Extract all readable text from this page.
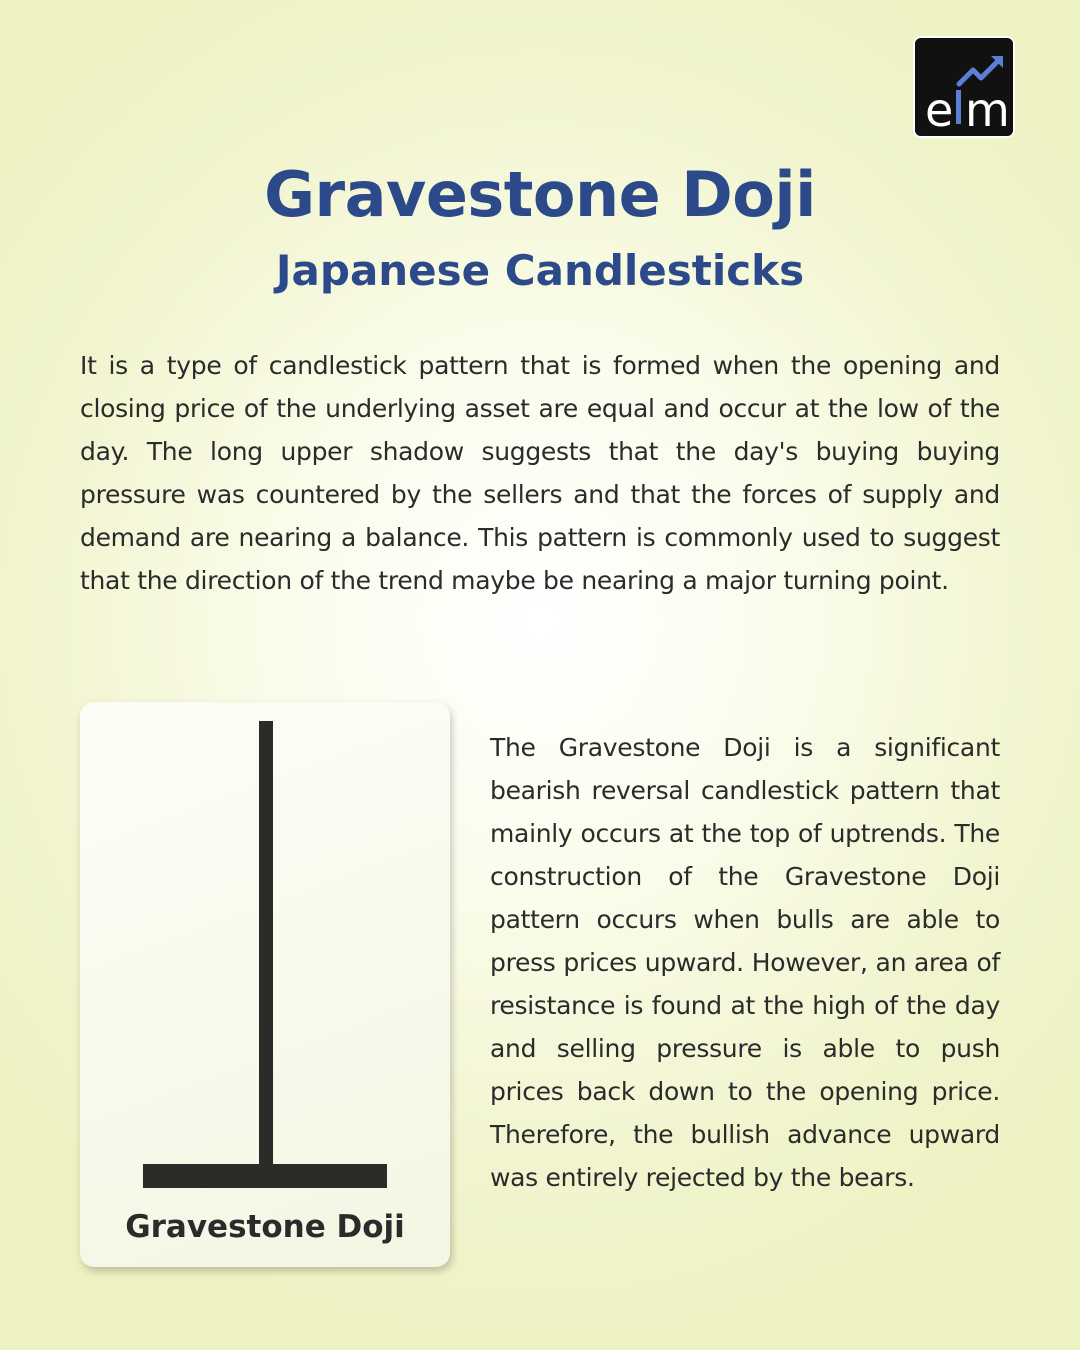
e m
Gravestone Doji
Japanese Candlesticks

It is a type of candlestick pattern that is formed when the opening and closing price of the underlying asset are equal and occur at the low of the day. The long upper shadow suggests that the day's buying buying pressure was countered by the sellers and that the forces of supply and demand are nearing a balance. This pattern is commonly used to suggest that the direction of the trend maybe be nearing a major turning point.

Gravestone Doji

The Gravestone Doji is a significant bearish reversal candlestick pattern that mainly occurs at the top of uptrends. The construction of the Gravestone Doji pattern occurs when bulls are able to press prices upward. However, an area of resistance is found at the high of the day and selling pressure is able to push prices back down to the opening price. Therefore, the bullish advance upward was entirely rejected by the bears.
